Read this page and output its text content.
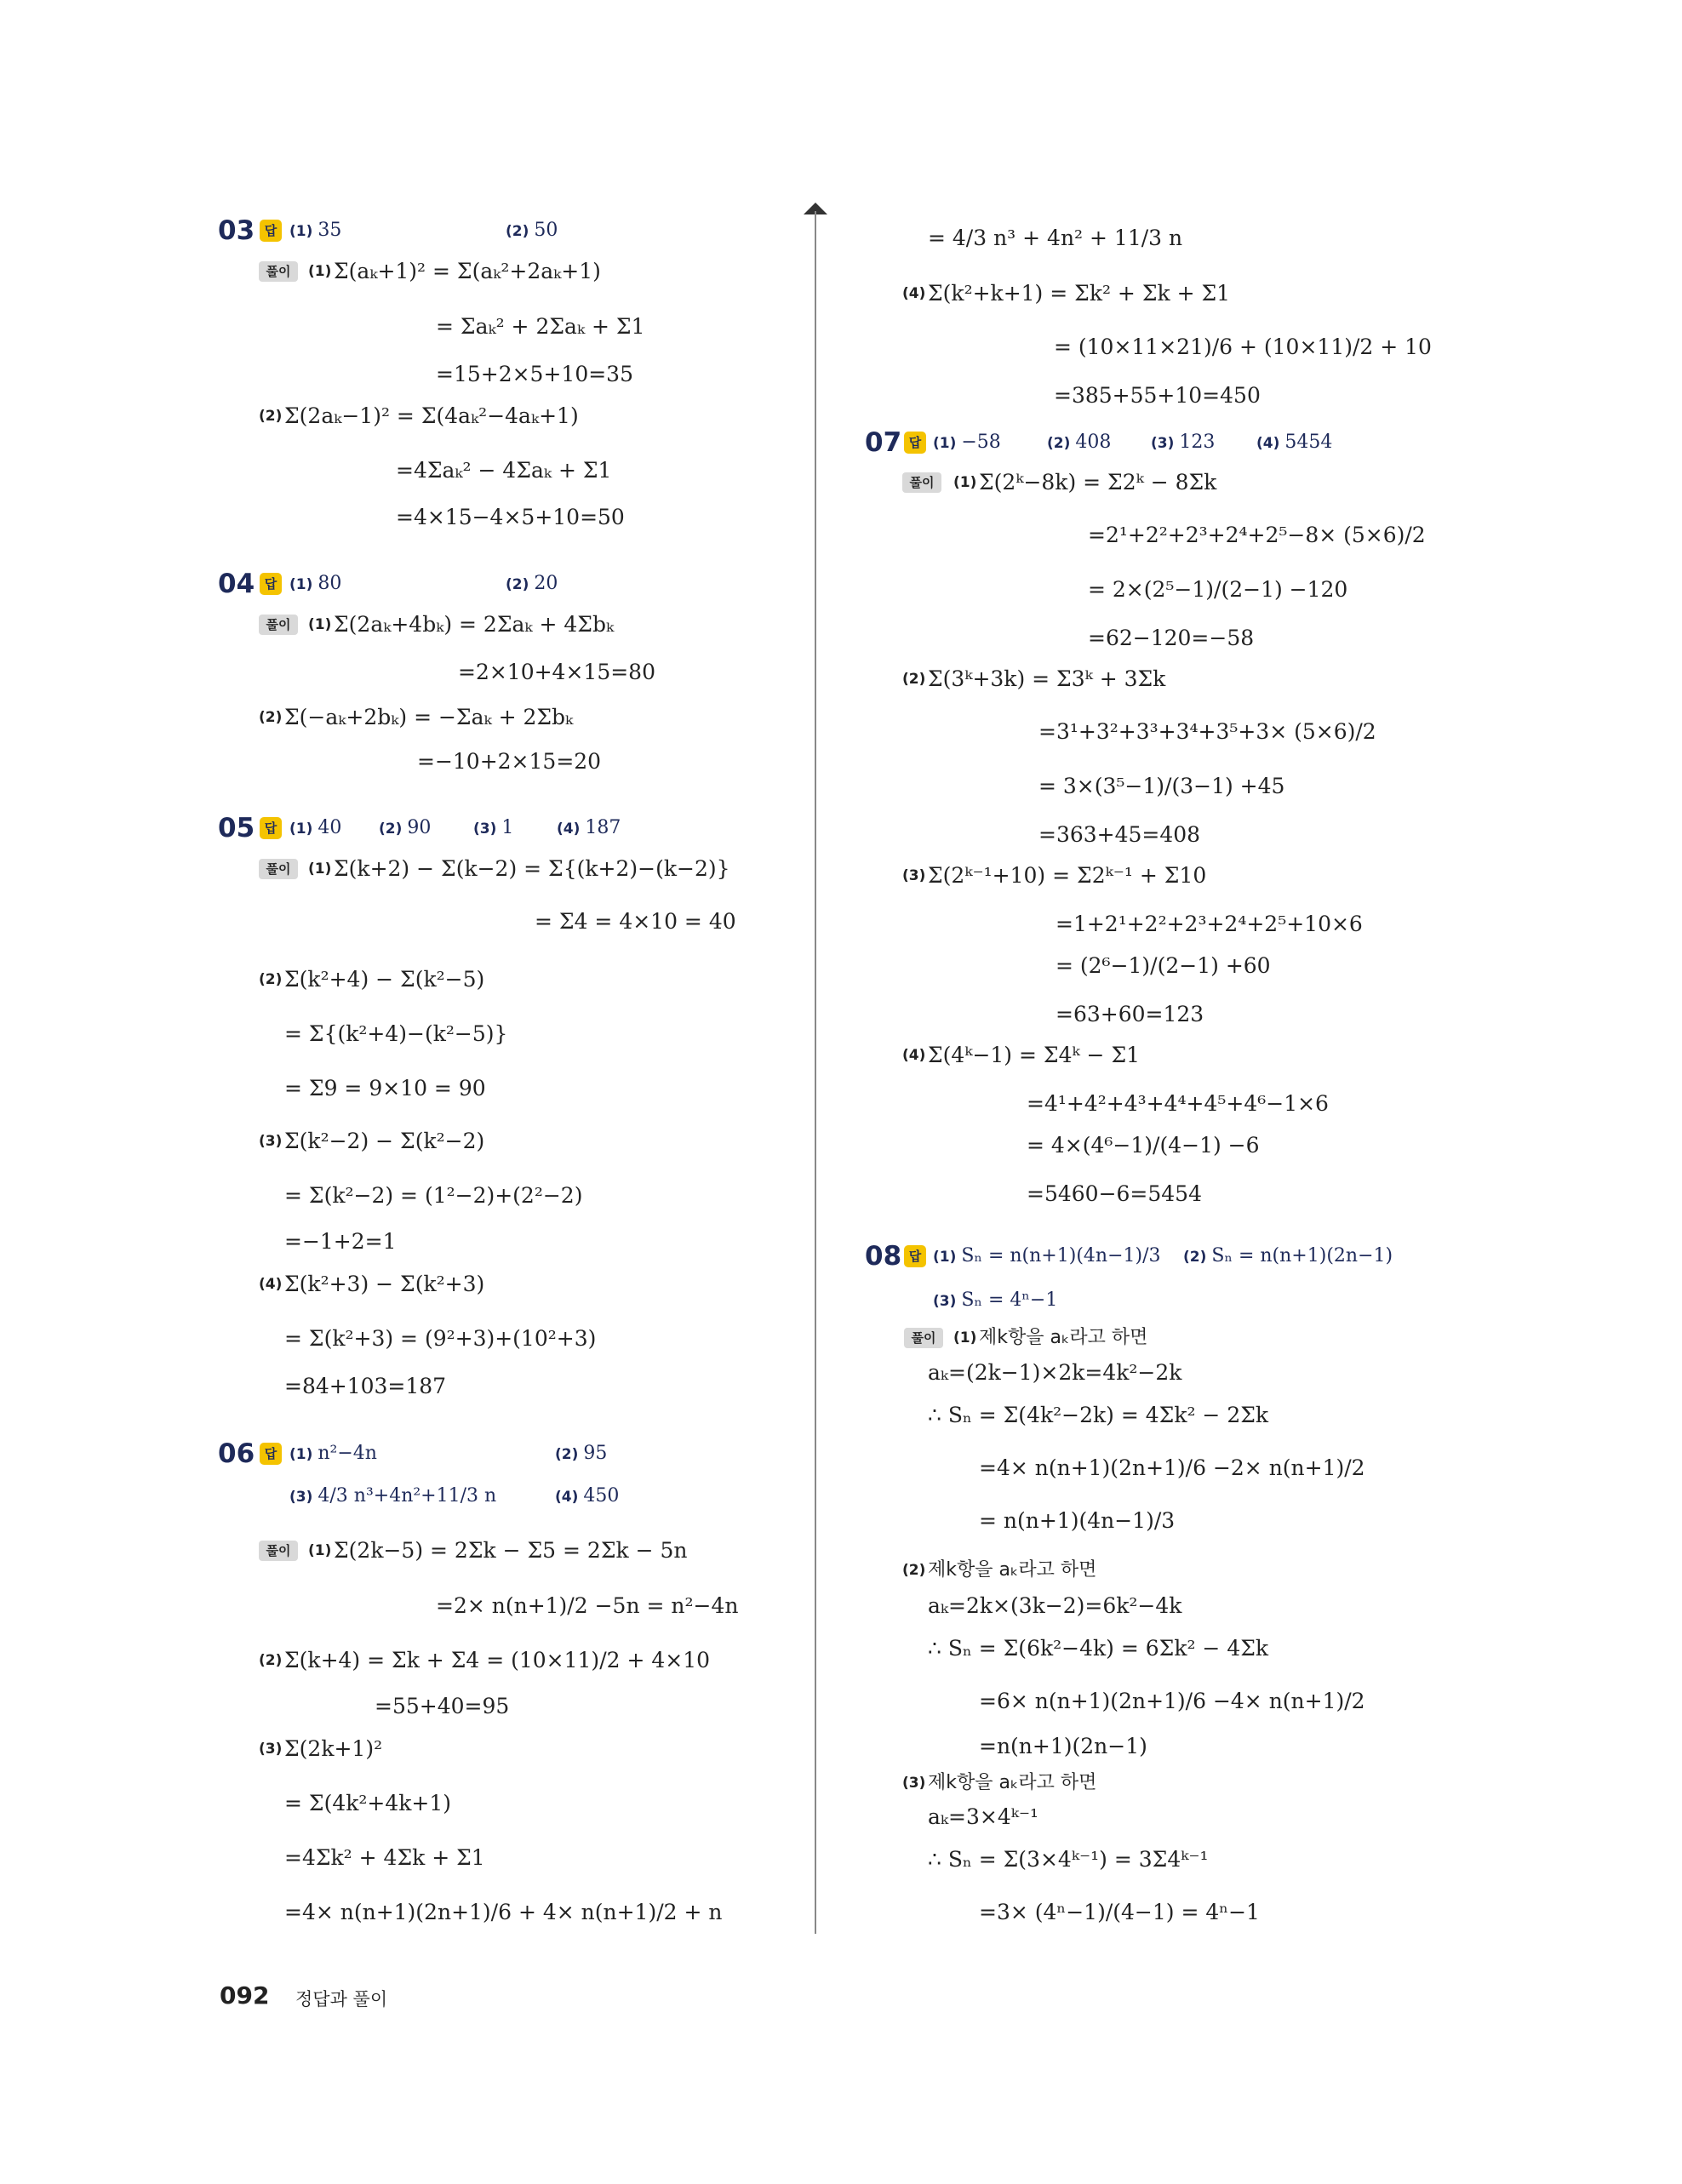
03 답 (1) 35	(2) 50
풀이	(1) Σ(aₖ+1)² = Σ(aₖ²+2aₖ+1)
= Σaₖ² + 2Σaₖ + Σ1
=15+2×5+10=35
(2) Σ(2aₖ−1)² = Σ(4aₖ²−4aₖ+1)
=4Σaₖ² − 4Σaₖ + Σ1
=4×15−4×5+10=50
04 답 (1) 80	(2) 20
풀이	(1) Σ(2aₖ+4bₖ) = 2Σaₖ + 4Σbₖ
=2×10+4×15=80
(2) Σ(−aₖ+2bₖ) = −Σaₖ + 2Σbₖ
=−10+2×15=20
05 답 (1) 40	(2) 90	(3) 1	(4) 187
풀이	(1) Σ(k+2) − Σ(k−2) = Σ{(k+2)−(k−2)}
= Σ4 = 4×10 = 40
(2) Σ(k²+4) − Σ(k²−5)
= Σ{(k²+4)−(k²−5)}
= Σ9 = 9×10 = 90
(3) Σ(k²−2) − Σ(k²−2)
= Σ(k²−2) = (1²−2)+(2²−2)
=−1+2=1
(4) Σ(k²+3) − Σ(k²+3)
= Σ(k²+3) = (9²+3)+(10²+3)
=84+103=187
06 답 (1) n²−4n	(2) 95
(3) 4/3 n³+4n²+11/3 n	(4) 450
풀이	(1) Σ(2k−5) = 2Σk − Σ5 = 2Σk − 5n
=2× n(n+1)/2 −5n = n²−4n
(2) Σ(k+4) = Σk + Σ4 = (10×11)/2 + 4×10
=55+40=95
(3) Σ(2k+1)²
= Σ(4k²+4k+1)
=4Σk² + 4Σk + Σ1
=4× n(n+1)(2n+1)/6 + 4× n(n+1)/2 + n
= 4/3 n³ + 4n² + 11/3 n
(4) Σ(k²+k+1) = Σk² + Σk + Σ1
= (10×11×21)/6 + (10×11)/2 + 10
=385+55+10=450
07 답 (1) −58	(2) 408	(3) 123	(4) 5454
풀이	(1) Σ(2ᵏ−8k) = Σ2ᵏ − 8Σk
=2¹+2²+2³+2⁴+2⁵−8× (5×6)/2
= 2×(2⁵−1)/(2−1) −120
=62−120=−58
(2) Σ(3ᵏ+3k) = Σ3ᵏ + 3Σk
=3¹+3²+3³+3⁴+3⁵+3× (5×6)/2
= 3×(3⁵−1)/(3−1) +45
=363+45=408
(3) Σ(2ᵏ⁻¹+10) = Σ2ᵏ⁻¹ + Σ10
=1+2¹+2²+2³+2⁴+2⁵+10×6
= (2⁶−1)/(2−1) +60
=63+60=123
(4) Σ(4ᵏ−1) = Σ4ᵏ − Σ1
=4¹+4²+4³+4⁴+4⁵+4⁶−1×6
= 4×(4⁶−1)/(4−1) −6
=5460−6=5454
08 답 (1) Sₙ = n(n+1)(4n−1)/3 (2) Sₙ = n(n+1)(2n−1)
(3) Sₙ = 4ⁿ−1
풀이	(1) 제k항을 aₖ라고 하면
aₖ=(2k−1)×2k=4k²−2k
∴ Sₙ = Σ(4k²−2k) = 4Σk² − 2Σk
=4× n(n+1)(2n+1)/6 −2× n(n+1)/2
= n(n+1)(4n−1)/3
(2) 제k항을 aₖ라고 하면
aₖ=2k×(3k−2)=6k²−4k
∴ Sₙ = Σ(6k²−4k) = 6Σk² − 4Σk
=6× n(n+1)(2n+1)/6 −4× n(n+1)/2
=n(n+1)(2n−1)
(3) 제k항을 aₖ라고 하면
aₖ=3×4ᵏ⁻¹
∴ Sₙ = Σ(3×4ᵏ⁻¹) = 3Σ4ᵏ⁻¹
=3× (4ⁿ−1)/(4−1) = 4ⁿ−1
092 정답과 풀이
